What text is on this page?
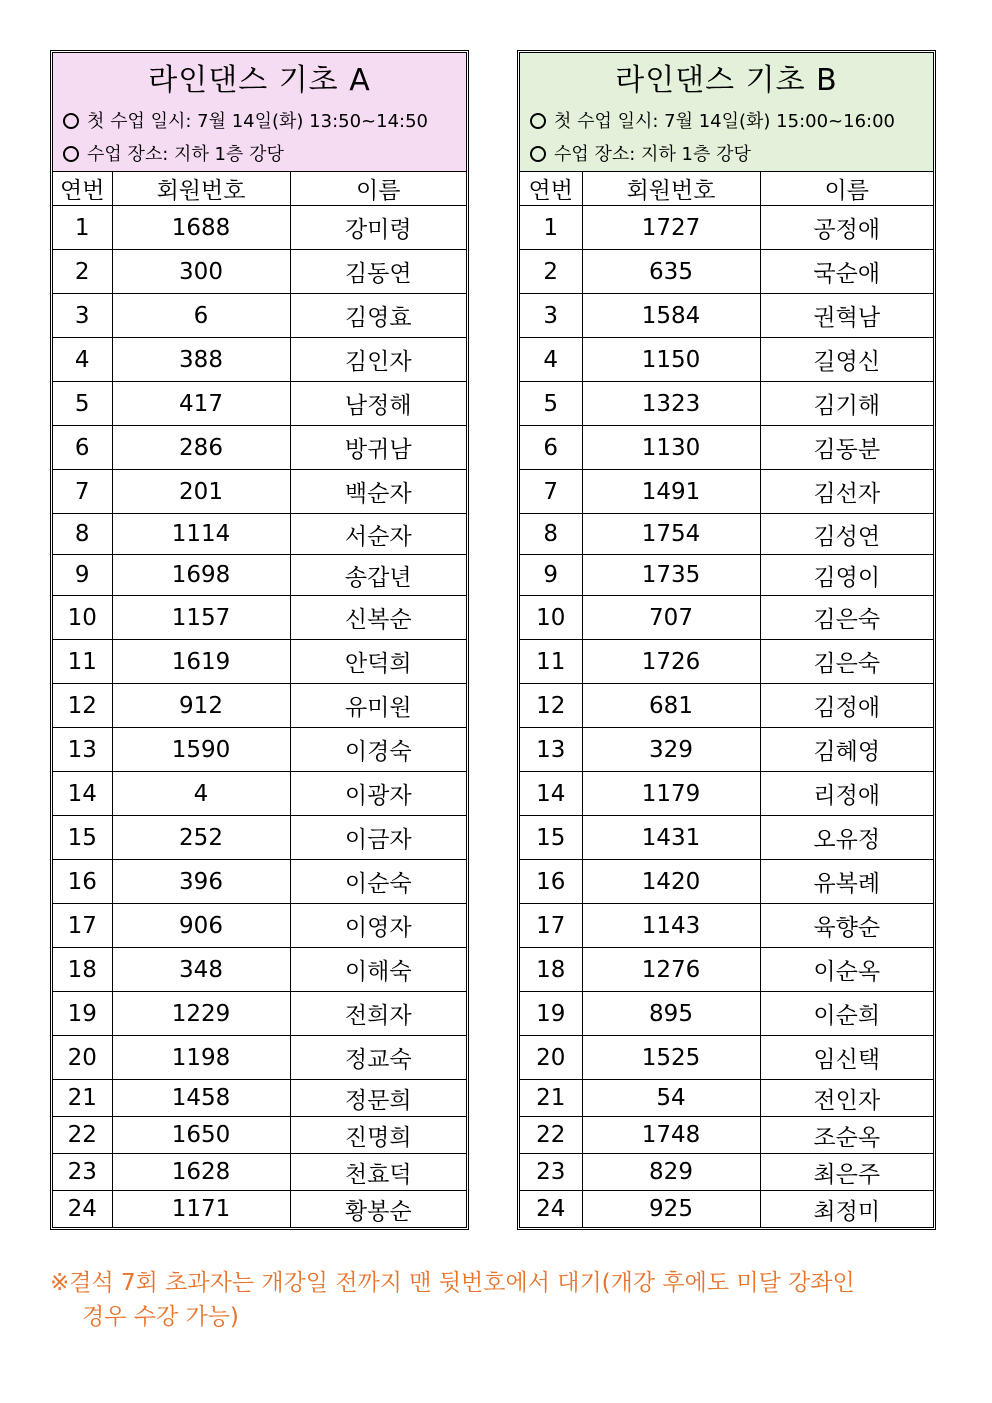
라인댄스 기초 A
첫 수업 일시: 7월 14일(화) 13:50~14:50
수업 장소: 지하 1층 강당
연번	회원번호	이름
1	1688	강미령
2	300	김동연
3	6	김영효
4	388	김인자
5	417	남정해
6	286	방귀남
7	201	백순자
8	1114	서순자
9	1698	송갑년
10	1157	신복순
11	1619	안덕희
12	912	유미원
13	1590	이경숙
14	4	이광자
15	252	이금자
16	396	이순숙
17	906	이영자
18	348	이해숙
19	1229	전희자
20	1198	정교숙
21	1458	정문희
22	1650	진명희
23	1628	천효덕
24	1171	황봉순
라인댄스 기초 B
첫 수업 일시: 7월 14일(화) 15:00~16:00
수업 장소: 지하 1층 강당
연번	회원번호	이름
1	1727	공정애
2	635	국순애
3	1584	권혁남
4	1150	길영신
5	1323	김기해
6	1130	김동분
7	1491	김선자
8	1754	김성연
9	1735	김영이
10	707	김은숙
11	1726	김은숙
12	681	김정애
13	329	김혜영
14	1179	리정애
15	1431	오유정
16	1420	유복례
17	1143	육향순
18	1276	이순옥
19	895	이순희
20	1525	임신택
21	54	전인자
22	1748	조순옥
23	829	최은주
24	925	최정미
※결석 7회 초과자는 개강일 전까지 맨 뒷번호에서 대기(개강 후에도 미달 강좌인
경우 수강 가능)
